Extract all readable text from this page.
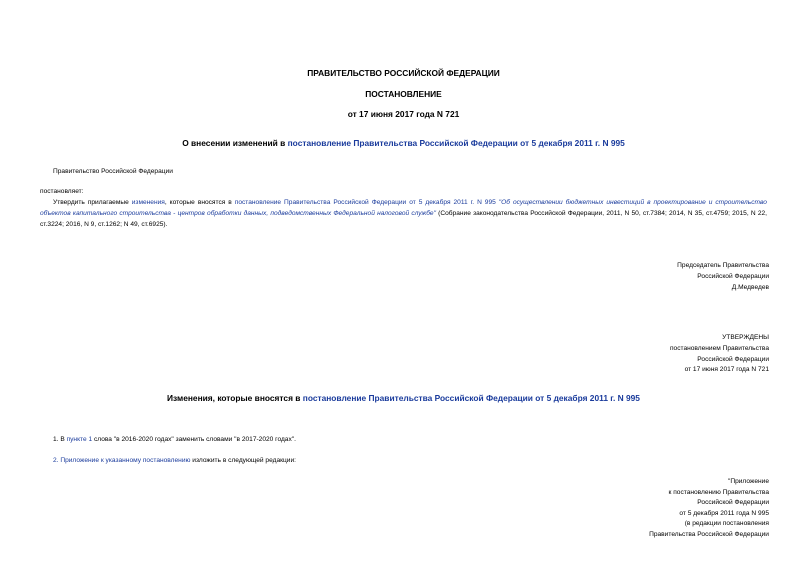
ПРАВИТЕЛЬСТВО РОССИЙСКОЙ ФЕДЕРАЦИИ
ПОСТАНОВЛЕНИЕ
от 17 июня 2017 года N 721
О внесении изменений в постановление Правительства Российской Федерации от 5 декабря 2011 г. N 995
Правительство Российской Федерации
постановляет:
Утвердить прилагаемые изменения, которые вносятся в постановление Правительства Российской Федерации от 5 декабря 2011 г. N 995 "Об осуществлении бюджетных инвестиций в проектирование и строительство объектов капитального строительства - центров обработки данных, подведомственных Федеральной налоговой службе" (Собрание законодательства Российской Федерации, 2011, N 50, ст.7384; 2014, N 35, ст.4759; 2015, N 22, ст.3224; 2016, N 9, ст.1262; N 49, ст.6925).
Председатель Правительства
Российской Федерации
Д.Медведев
УТВЕРЖДЕНЫ
постановлением Правительства
Российской Федерации
от 17 июня 2017 года N 721
Изменения, которые вносятся в постановление Правительства Российской Федерации от 5 декабря 2011 г. N 995
1. В пункте 1 слова "в 2016-2020 годах" заменить словами "в 2017-2020 годах".
2. Приложение к указанному постановлению изложить в следующей редакции:
"Приложение
к постановлению Правительства
Российской Федерации
от 5 декабря 2011 года N 995
(в редакции постановления
Правительства Российской Федерации
